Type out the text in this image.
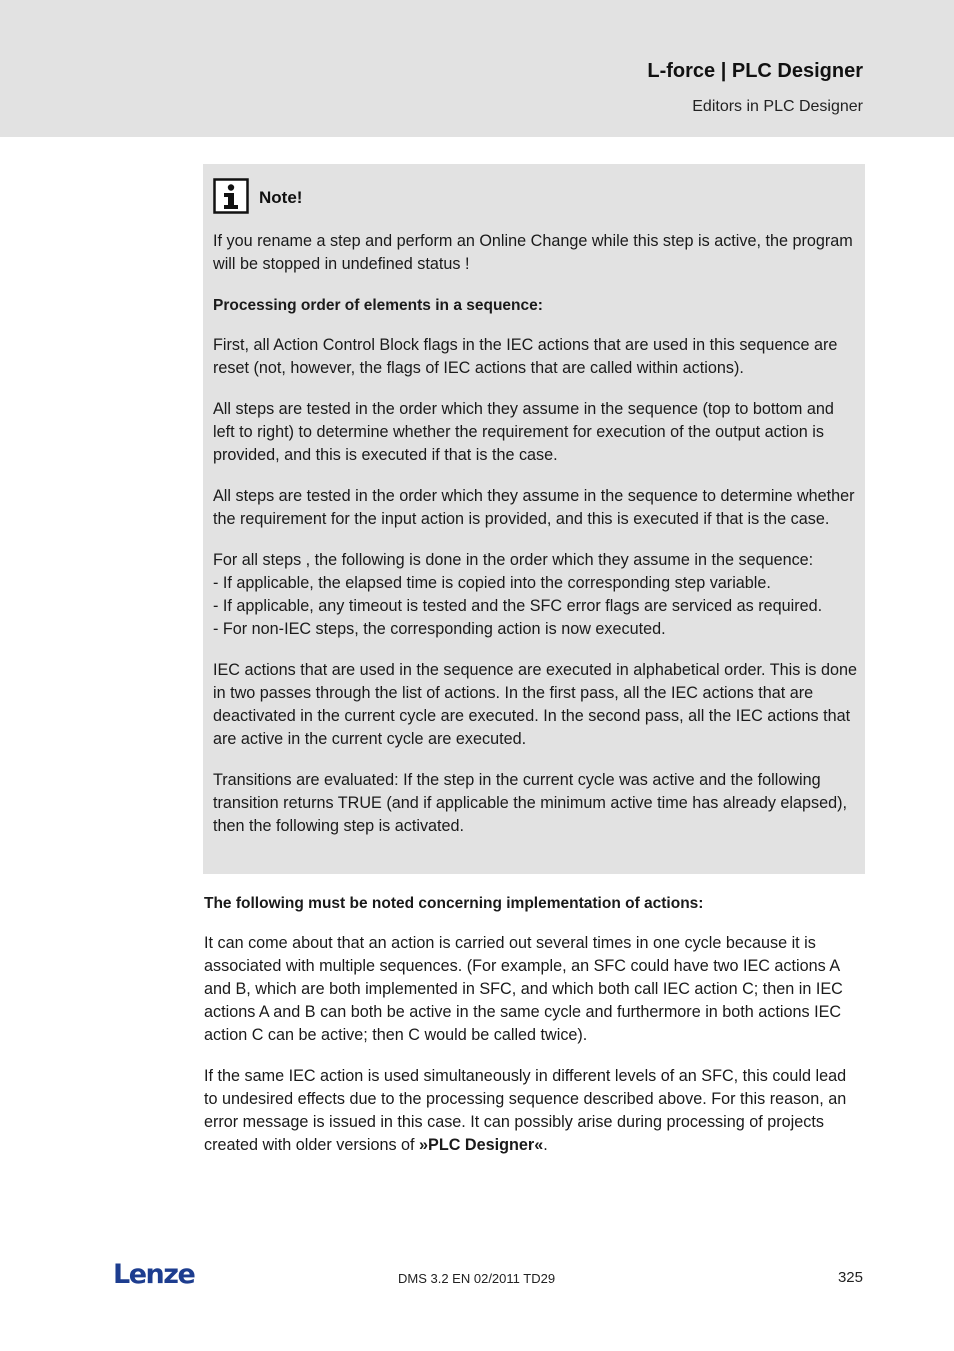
L-force | PLC Designer
Editors in PLC Designer
Note!

If you rename a step and perform an Online Change while this step is active, the program will be stopped in undefined status !

Processing order of elements in a sequence:

First, all Action Control Block flags in the IEC actions that are used in this sequence are reset (not, however, the flags of IEC actions that are called within actions).

All steps are tested in the order which they assume in the sequence (top to bottom and left to right) to determine whether the requirement for execution of the output action is provided, and this is executed if that is the case.

All steps are tested in the order which they assume in the sequence to determine whether the requirement for the input action is provided, and this is executed if that is the case.

For all steps , the following is done in the order which they assume in the sequence:
- If applicable, the elapsed time is copied into the corresponding step variable.
- If applicable, any timeout is tested and the SFC error flags are serviced as required.
- For non-IEC steps, the corresponding action is now executed.

IEC actions that are used in the sequence are executed in alphabetical order. This is done in two passes through the list of actions. In the first pass, all the IEC actions that are deactivated in the current cycle are executed. In the second pass, all the IEC actions that are active in the current cycle are executed.

Transitions are evaluated: If the step in the current cycle was active and the following transition returns TRUE (and if applicable the minimum active time has already elapsed), then the following step is activated.

The following must be noted concerning implementation of actions:

It can come about that an action is carried out several times in one cycle because it is associated with multiple sequences. (For example, an SFC could have two IEC actions A and B, which are both implemented in SFC, and which both call IEC action C; then in IEC actions A and B can both be active in the same cycle and furthermore in both actions IEC action C can be active; then C would be called twice).

If the same IEC action is used simultaneously in different levels of an SFC, this could lead to undesired effects due to the processing sequence described above. For this reason, an error message is issued in this case. It can possibly arise during processing of projects created with older versions of »PLC Designer«.

Lenze	DMS 3.2 EN 02/2011 TD29	325
